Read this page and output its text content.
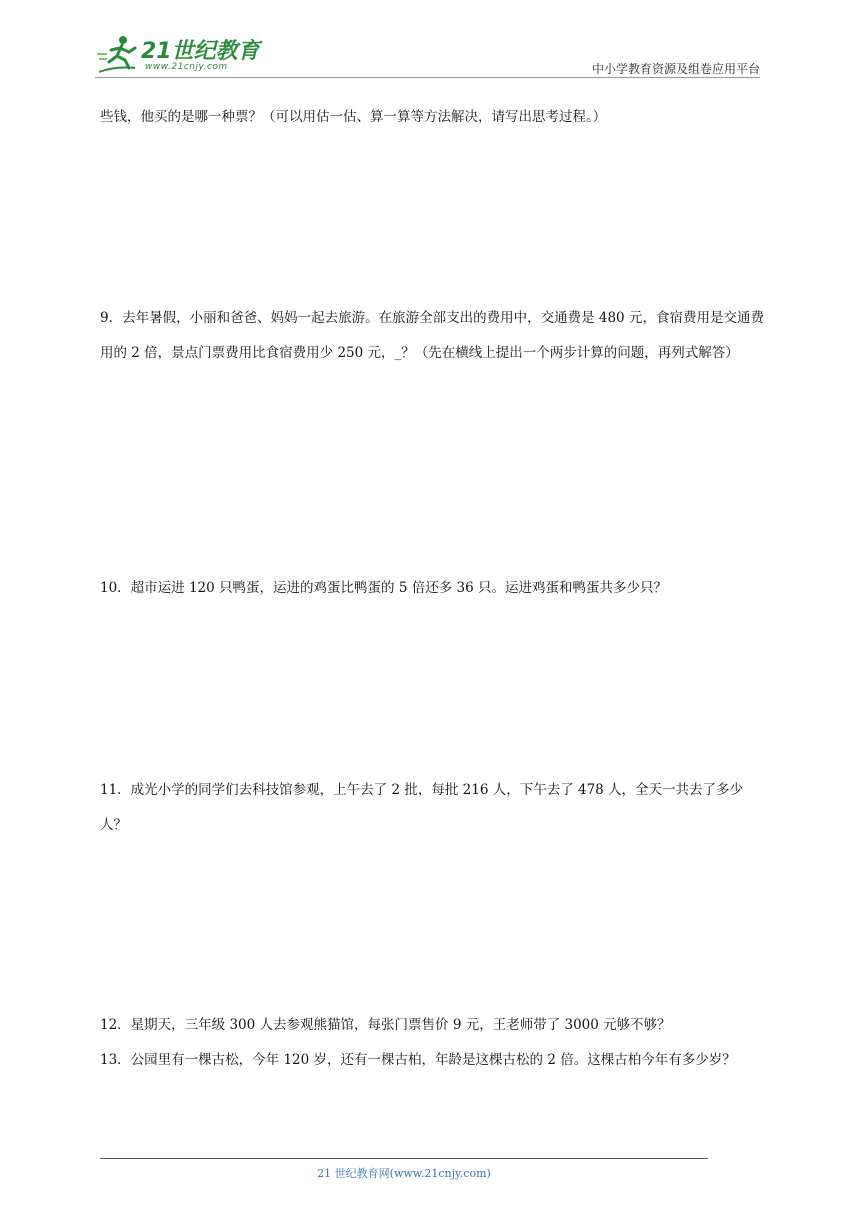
21世纪教育
www.21cnjy.com	中小学教育资源及组卷应用平台

些钱，他买的是哪一种票？（可以用估一估、算一算等方法解决，请写出思考过程。）

9．去年暑假，小丽和爸爸、妈妈一起去旅游。在旅游全部支出的费用中，交通费是 480 元，食宿费用是交通费用的 2 倍，景点门票费用比食宿费用少 250 元，_？（先在横线上提出一个两步计算的问题，再列式解答）

10．超市运进 120 只鸭蛋，运进的鸡蛋比鸭蛋的 5 倍还多 36 只。运进鸡蛋和鸭蛋共多少只？

11．成光小学的同学们去科技馆参观，上午去了 2 批，每批 216 人，下午去了 478 人，全天一共去了多少人？

12．星期天，三年级 300 人去参观熊猫馆，每张门票售价 9 元，王老师带了 3000 元够不够？

13．公园里有一棵古松，今年 120 岁，还有一棵古柏，年龄是这棵古松的 2 倍。这棵古柏今年有多少岁？

21 世纪教育网(www.21cnjy.com)
